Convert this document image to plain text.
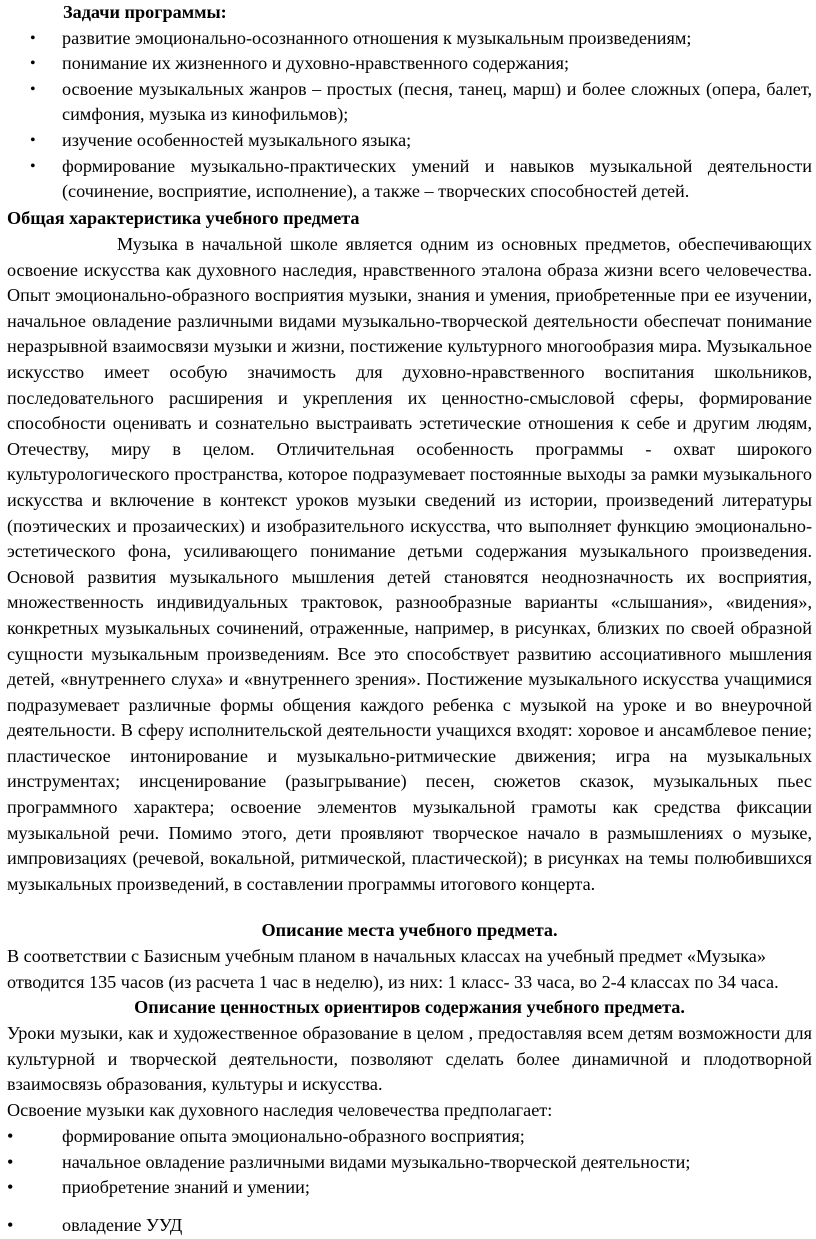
Задачи программы:
• развитие эмоционально-осознанного отношения к музыкальным произведениям;
• понимание их жизненного и духовно-нравственного содержания;
• освоение музыкальных жанров – простых (песня, танец, марш) и более сложных (опера, балет, симфония, музыка из кинофильмов);
• изучение особенностей музыкального языка;
• формирование музыкально-практических умений и навыков музыкальной деятельности (сочинение, восприятие, исполнение), а также – творческих способностей детей.
Общая характеристика учебного предмета

Музыка в начальной школе является одним из основных предметов, обеспечивающих освоение искусства как духовного наследия, нравственного эталона образа жизни всего человечества. Опыт эмоционально-образного восприятия музыки, знания и умения, приобретенные при ее изучении, начальное овладение различными видами музыкально-творческой деятельности обеспечат понимание неразрывной взаимосвязи музыки и жизни, постижение культурного многообразия мира. Музыкальное искусство имеет особую значимость для духовно-нравственного воспитания школьников, последовательного расширения и укрепления их ценностно-смысловой сферы, формирование способности оценивать и сознательно выстраивать эстетические отношения к себе и другим людям, Отечеству, миру в целом. Отличительная особенность программы - охват широкого культурологического пространства, которое подразумевает постоянные выходы за рамки музыкального искусства и включение в контекст уроков музыки сведений из истории, произведений литературы (поэтических и прозаических) и изобразительного искусства, что выполняет функцию эмоционально-эстетического фона, усиливающего понимание детьми содержания музыкального произведения. Основой развития музыкального мышления детей становятся неоднозначность их восприятия, множественность индивидуальных трактовок, разнообразные варианты «слышания», «видения», конкретных музыкальных сочинений, отраженные, например, в рисунках, близких по своей образной сущности музыкальным произведениям. Все это способствует развитию ассоциативного мышления детей, «внутреннего слуха» и «внутреннего зрения». Постижение музыкального искусства учащимися подразумевает различные формы общения каждого ребенка с музыкой на уроке и во внеурочной деятельности. В сферу исполнительской деятельности учащихся входят: хоровое и ансамблевое пение; пластическое интонирование и музыкально-ритмические движения; игра на музыкальных инструментах; инсценирование (разыгрывание) песен, сюжетов сказок, музыкальных пьес программного характера; освоение элементов музыкальной грамоты как средства фиксации музыкальной речи. Помимо этого, дети проявляют творческое начало в размышлениях о музыке, импровизациях (речевой, вокальной, ритмической, пластической); в рисунках на темы полюбившихся музыкальных произведений, в составлении программы итогового концерта.

Описание места учебного предмета.
В соответствии с Базисным учебным планом в начальных классах на учебный предмет «Музыка»
отводится 135 часов (из расчета 1 час в неделю), из них: 1 класс- 33 часа, во 2-4 классах по 34 часа.
Описание ценностных ориентиров содержания учебного предмета.

Уроки музыки, как и художественное образование в целом , предоставляя всем детям возможности для культурной и творческой деятельности, позволяют сделать более динамичной и плодотворной взаимосвязь образования, культуры и искусства.

Освоение музыки как духовного наследия человечества предполагает:
•	формирование опыта эмоционально-образного восприятия;
•	начальное овладение различными видами музыкально-творческой деятельности;
•	приобретение знаний и умении;
•	овладение УУД
